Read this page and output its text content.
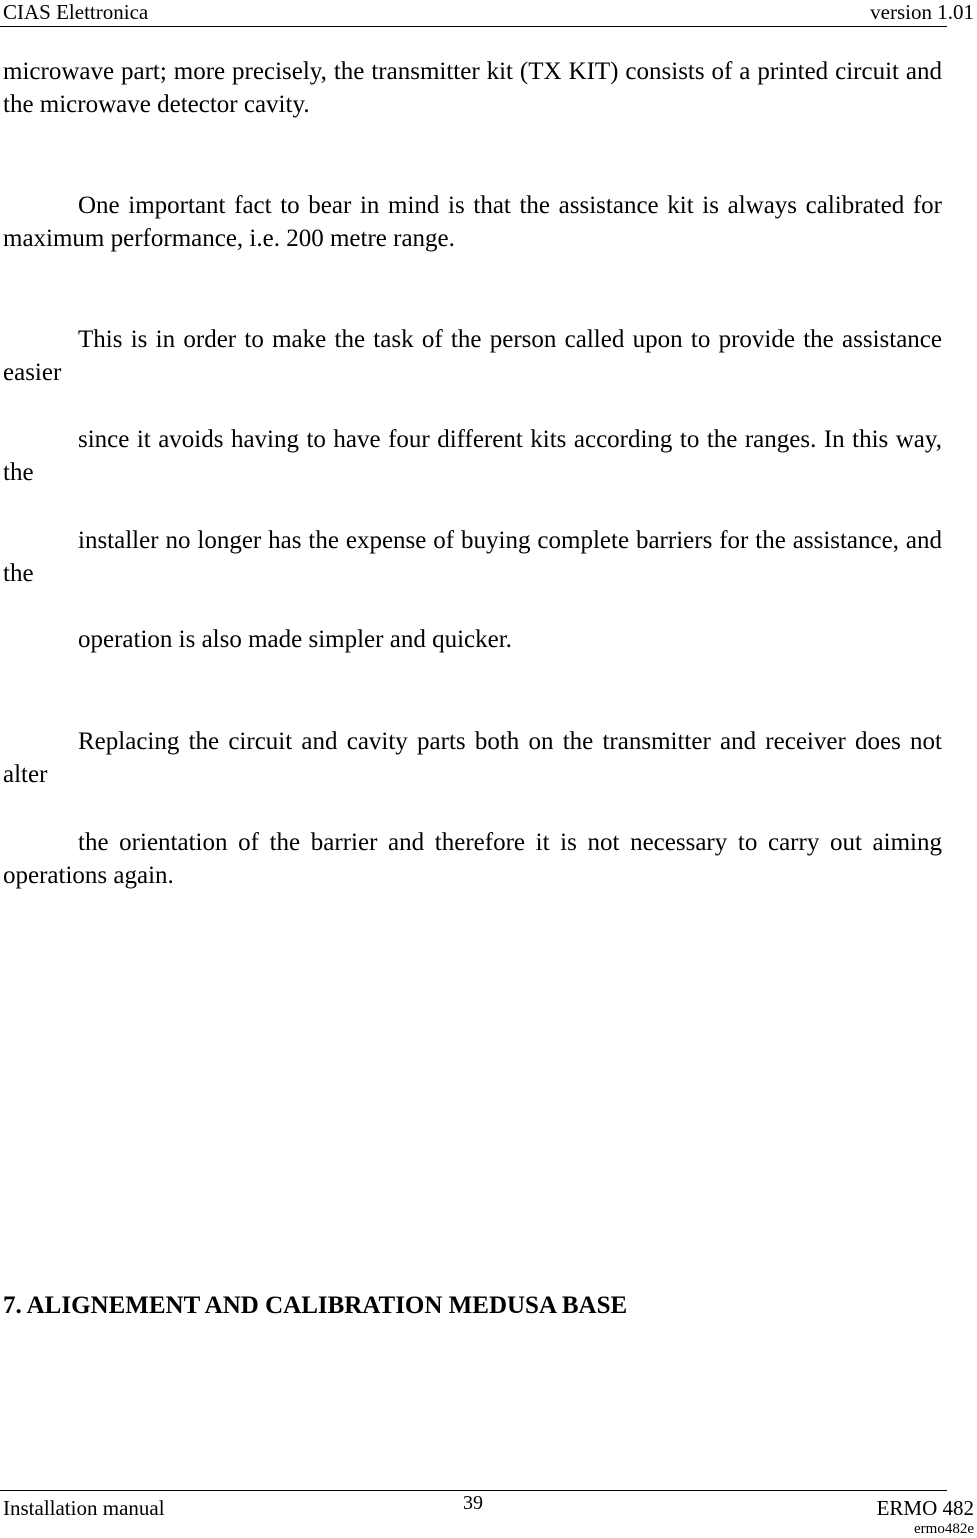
CIAS Elettronica	version 1.01

microwave part; more precisely, the transmitter kit (TX KIT) consists of a printed circuit and the microwave detector cavity.

One important fact to bear in mind is that the assistance kit is always calibrated for maximum performance, i.e. 200 metre range.

This is in order to make the task of the person called upon to provide the assistance easier

since it avoids having to have four different kits according to the ranges. In this way, the

installer no longer has the expense of buying complete barriers for the assistance, and the

operation is also made simpler and quicker.

Replacing the circuit and cavity parts both on the transmitter and receiver does not alter

the orientation of the barrier and therefore it is not necessary to carry out aiming operations again.

7. ALIGNEMENT AND CALIBRATION MEDUSA BASE
Installation manual	39	ERMO 482
ermo482e
